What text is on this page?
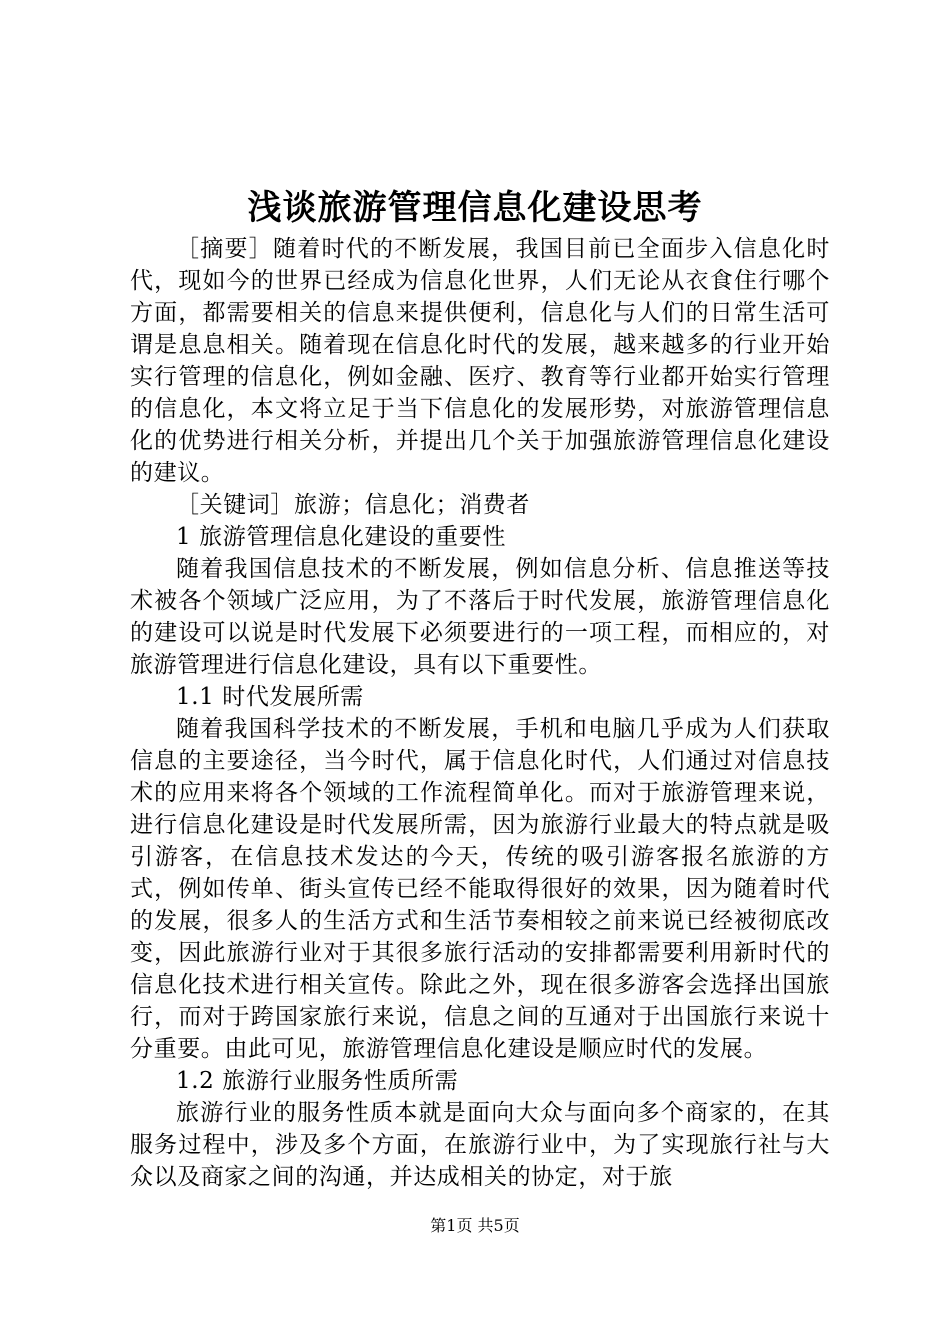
浅谈旅游管理信息化建设思考

［摘要］随着时代的不断发展，我国目前已全面步入信息化时代，现如今的世界已经成为信息化世界，人们无论从衣食住行哪个方面，都需要相关的信息来提供便利，信息化与人们的日常生活可谓是息息相关。随着现在信息化时代的发展，越来越多的行业开始实行管理的信息化，例如金融、医疗、教育等行业都开始实行管理的信息化，本文将立足于当下信息化的发展形势，对旅游管理信息化的优势进行相关分析，并提出几个关于加强旅游管理信息化建设的建议。

［关键词］旅游；信息化；消费者

1 旅游管理信息化建设的重要性

随着我国信息技术的不断发展，例如信息分析、信息推送等技术被各个领域广泛应用，为了不落后于时代发展，旅游管理信息化的建设可以说是时代发展下必须要进行的一项工程，而相应的，对旅游管理进行信息化建设，具有以下重要性。

1.1 时代发展所需

随着我国科学技术的不断发展，手机和电脑几乎成为人们获取信息的主要途径，当今时代，属于信息化时代，人们通过对信息技术的应用来将各个领域的工作流程简单化。而对于旅游管理来说，进行信息化建设是时代发展所需，因为旅游行业最大的特点就是吸引游客，在信息技术发达的今天，传统的吸引游客报名旅游的方式，例如传单、街头宣传已经不能取得很好的效果，因为随着时代的发展，很多人的生活方式和生活节奏相较之前来说已经被彻底改变，因此旅游行业对于其很多旅行活动的安排都需要利用新时代的信息化技术进行相关宣传。除此之外，现在很多游客会选择出国旅行，而对于跨国家旅行来说，信息之间的互通对于出国旅行来说十分重要。由此可见，旅游管理信息化建设是顺应时代的发展。

1.2 旅游行业服务性质所需

旅游行业的服务性质本就是面向大众与面向多个商家的，在其服务过程中，涉及多个方面，在旅游行业中，为了实现旅行社与大众以及商家之间的沟通，并达成相关的协定，对于旅

第1页 共5页
